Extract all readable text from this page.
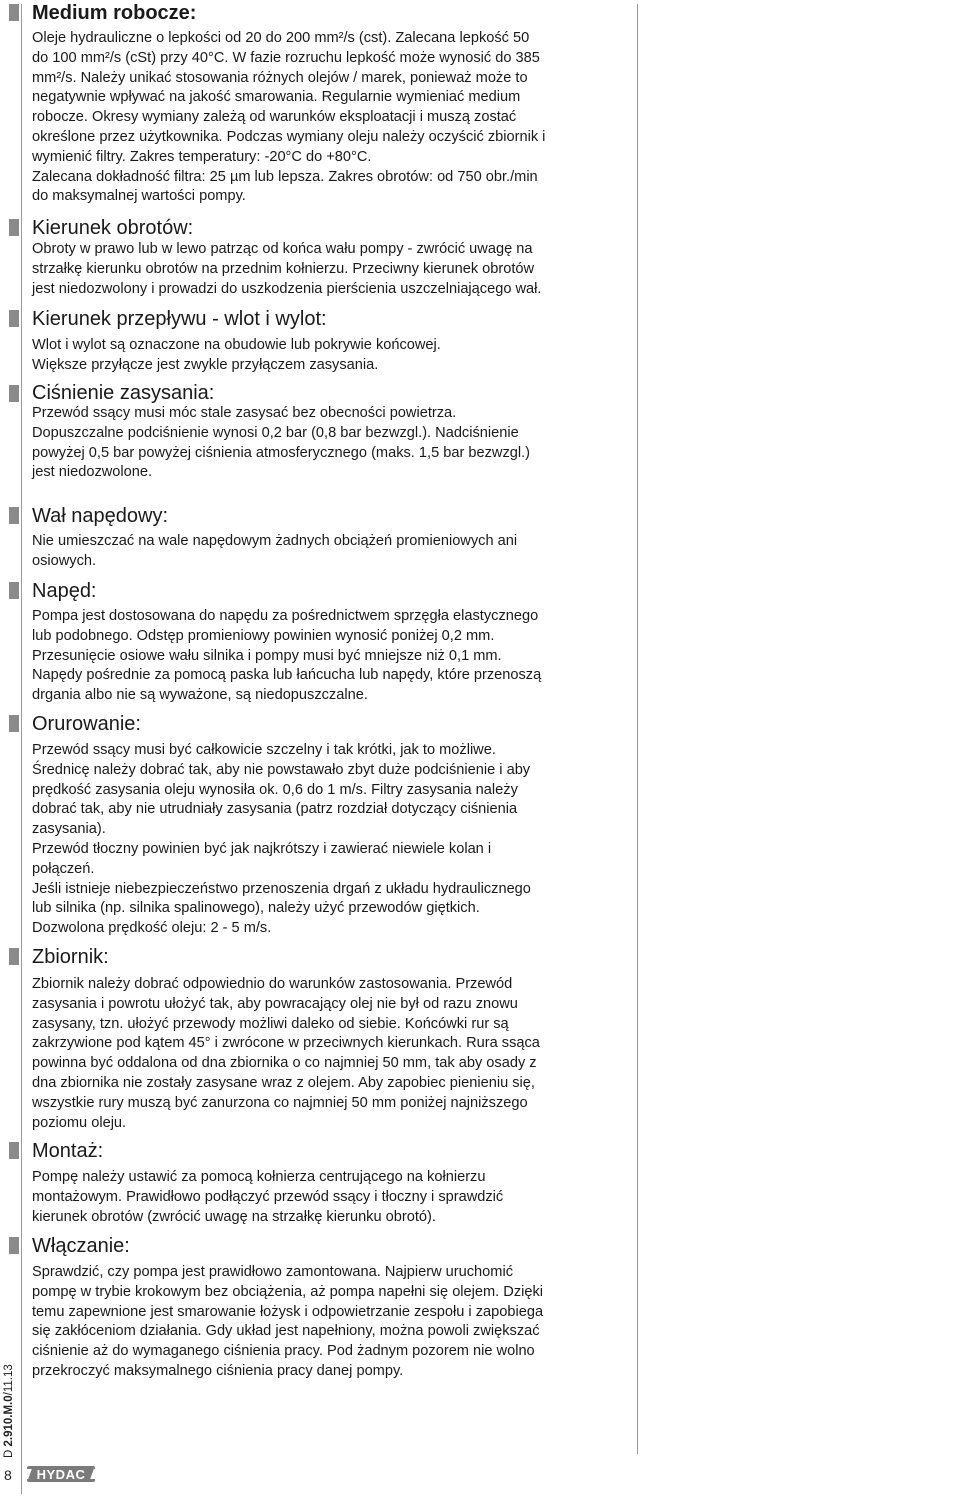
D 2.910.M.0/11.13
8 HYDAC
Medium robocze:
Oleje hydrauliczne o lepkości od 20 do 200 mm²/s (cst). Zalecana lepkość 50
do 100 mm²/s (cSt) przy 40°C. W fazie rozruchu lepkość może wynosić do 385
mm²/s. Należy unikać stosowania różnych olejów / marek, ponieważ może to
negatywnie wpływać na jakość smarowania. Regularnie wymieniać medium
robocze. Okresy wymiany zależą od warunków eksploatacji i muszą zostać
określone przez użytkownika. Podczas wymiany oleju należy oczyścić zbiornik i
wymienić filtry. Zakres temperatury: -20°C do +80°C.
Zalecana dokładność filtra: 25 µm lub lepsza. Zakres obrotów: od 750 obr./min
do maksymalnej wartości pompy.
Kierunek obrotów:
Obroty w prawo lub w lewo patrząc od końca wału pompy - zwrócić uwagę na
strzałkę kierunku obrotów na przednim kołnierzu. Przeciwny kierunek obrotów
jest niedozwolony i prowadzi do uszkodzenia pierścienia uszczelniającego wał.
Kierunek przepływu - wlot i wylot:
Wlot i wylot są oznaczone na obudowie lub pokrywie końcowej.
Większe przyłącze jest zwykle przyłączem zasysania.
Ciśnienie zasysania:
Przewód ssący musi móc stale zasysać bez obecności powietrza.
Dopuszczalne podciśnienie wynosi 0,2 bar (0,8 bar bezwzgl.). Nadciśnienie
powyżej 0,5 bar powyżej ciśnienia atmosferycznego (maks. 1,5 bar bezwzgl.)
jest niedozwolone.
Wał napędowy:
Nie umieszczać na wale napędowym żadnych obciążeń promieniowych ani
osiowych.
Napęd:
Pompa jest dostosowana do napędu za pośrednictwem sprzęgła elastycznego
lub podobnego. Odstęp promieniowy powinien wynosić poniżej 0,2 mm.
Przesunięcie osiowe wału silnika i pompy musi być mniejsze niż 0,1 mm.
Napędy pośrednie za pomocą paska lub łańcucha lub napędy, które przenoszą
drgania albo nie są wyważone, są niedopuszczalne.
Orurowanie:
Przewód ssący musi być całkowicie szczelny i tak krótki, jak to możliwe.
Średnicę należy dobrać tak, aby nie powstawało zbyt duże podciśnienie i aby
prędkość zasysania oleju wynosiła ok. 0,6 do 1 m/s. Filtry zasysania należy
dobrać tak, aby nie utrudniały zasysania (patrz rozdział dotyczący ciśnienia
zasysania).
Przewód tłoczny powinien być jak najkrótszy i zawierać niewiele kolan i
połączeń.
Jeśli istnieje niebezpieczeństwo przenoszenia drgań z układu hydraulicznego
lub silnika (np. silnika spalinowego), należy użyć przewodów giętkich.
Dozwolona prędkość oleju: 2 - 5 m/s.
Zbiornik:
Zbiornik należy dobrać odpowiednio do warunków zastosowania. Przewód
zasysania i powrotu ułożyć tak, aby powracający olej nie był od razu znowu
zasysany, tzn. ułożyć przewody możliwi daleko od siebie. Końcówki rur są
zakrzywione pod kątem 45° i zwrócone w przeciwnych kierunkach. Rura ssąca
powinna być oddalona od dna zbiornika o co najmniej 50 mm, tak aby osady z
dna zbiornika nie zostały zasysane wraz z olejem. Aby zapobiec pienieniu się,
wszystkie rury muszą być zanurzona co najmniej 50 mm poniżej najniższego
poziomu oleju.
Montaż:
Pompę należy ustawić za pomocą kołnierza centrującego na kołnierzu
montażowym. Prawidłowo podłączyć przewód ssący i tłoczny i sprawdzić
kierunek obrotów (zwrócić uwagę na strzałkę kierunku obrotó).
Włączanie:
Sprawdzić, czy pompa jest prawidłowo zamontowana. Najpierw uruchomić
pompę w trybie krokowym bez obciążenia, aż pompa napełni się olejem. Dzięki
temu zapewnione jest smarowanie łożysk i odpowietrzanie zespołu i zapobiega
się zakłóceniom działania. Gdy układ jest napełniony, można powoli zwiększać
ciśnienie aż do wymaganego ciśnienia pracy. Pod żadnym pozorem nie wolno
przekroczyć maksymalnego ciśnienia pracy danej pompy.
